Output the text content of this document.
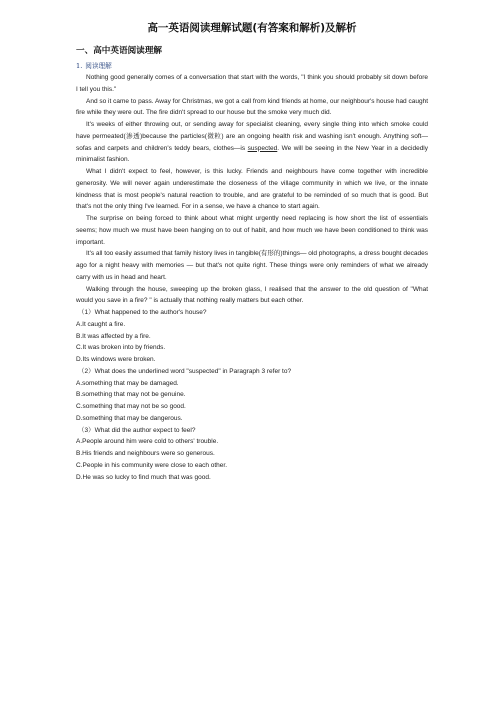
高一英语阅读理解试题(有答案和解析)及解析
一、高中英语阅读理解
1. 阅读理解

Nothing good generally comes of a conversation that start with the words, "I think you should probably sit down before I tell you this."

And so it came to pass. Away for Christmas, we got a call from kind friends at home, our neighbour's house had caught fire while they were out. The fire didn't spread to our house but the smoke very much did.

It's weeks of either throwing out, or sending away for specialist cleaning, every single thing into which smoke could have permeated(渗透)because the particles(微粒) are an ongoing health risk and washing isn't enough. Anything soft—sofas and carpets and children's teddy bears, clothes—is suspected. We will be seeing in the New Year in a decidedly minimalist fashion.

What I didn't expect to feel, however, is this lucky. Friends and neighbours have come together with incredible generosity. We will never again underestimate the closeness of the village community in which we live, or the innate kindness that is most people's natural reaction to trouble, and are grateful to be reminded of so much that is good. But that's not the only thing I've learned. For in a sense, we have a chance to start again.

The surprise on being forced to think about what might urgently need replacing is how short the list of essentials seems; how much we must have been hanging on to out of habit, and how much we have been conditioned to think was important.

It's all too easily assumed that family history lives in tangible(有形的)things— old photographs, a dress bought decades ago for a night heavy with memories — but that's not quite right. These things were only reminders of what we already carry with us in head and heart.

Walking through the house, sweeping up the broken glass, I realised that the answer to the old question of "What would you save in a fire? " is actually that nothing really matters but each other.

（1）What happened to the author's house?

A.It caught a fire.

B.It was affected by a fire.

C.It was broken into by friends.

D.Its windows were broken.

（2）What does the underlined word "suspected" in Paragraph 3 refer to?

A.something that may be damaged.

B.something that may not be genuine.

C.something that may not be so good.

D.something that may be dangerous.

（3）What did the author expect to feel?

A.People around him were cold to others' trouble.

B.His friends and neighbours were so generous.

C.People in his community were close to each other.

D.He was so lucky to find much that was good.
